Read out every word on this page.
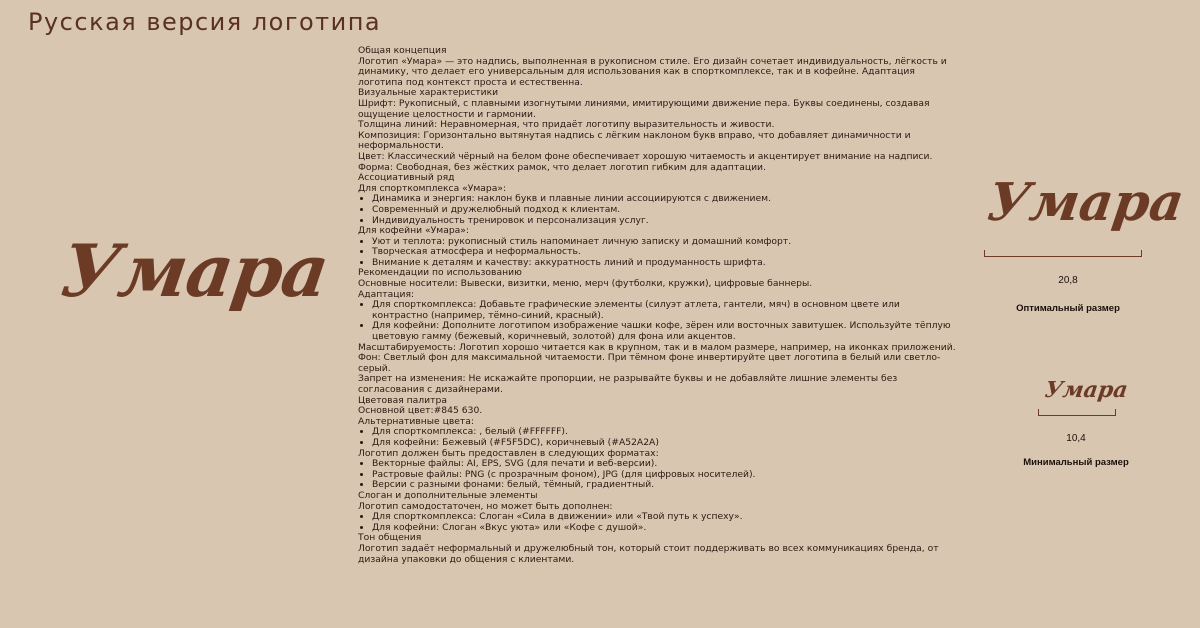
Русская версия логотипа
Умара

Общая концепция

Логотип «Умара» — это надпись, выполненная в рукописном стиле. Его дизайн сочетает индивидуальность, лёгкость и динамику, что делает его универсальным для использования как в спорткомплексе, так и в кофейне. Адаптация логотипа под контекст проста и естественна.

Визуальные характеристики

Шрифт: Рукописный, с плавными изогнутыми линиями, имитирующими движение пера. Буквы соединены, создавая ощущение целостности и гармонии.

Толщина линий: Неравномерная, что придаёт логотипу выразительность и живости.

Композиция: Горизонтально вытянутая надпись с лёгким наклоном букв вправо, что добавляет динамичности и неформальности.

Цвет: Классический чёрный на белом фоне обеспечивает хорошую читаемость и акцентирует внимание на надписи.

Форма: Свободная, без жёстких рамок, что делает логотип гибким для адаптации.

Ассоциативный ряд

Для спорткомплекса «Умара»:

• Динамика и энергия: наклон букв и плавные линии ассоциируются с движением.
• Современный и дружелюбный подход к клиентам.
• Индивидуальность тренировок и персонализация услуг.

Для кофейни «Умара»:

• Уют и теплота: рукописный стиль напоминает личную записку и домашний комфорт.
• Творческая атмосфера и неформальность.
• Внимание к деталям и качеству: аккуратность линий и продуманность шрифта.

Рекомендации по использованию

Основные носители: Вывески, визитки, меню, мерч (футболки, кружки), цифровые баннеры.

Адаптация:

• Для спорткомплекса: Добавьте графические элементы (силуэт атлета, гантели, мяч) в основном цвете или контрастно (например, тёмно-синий, красный).
• Для кофейни: Дополните логотипом изображение чашки кофе, зёрен или восточных завитушек. Используйте тёплую цветовую гамму (бежевый, коричневый, золотой) для фона или акцентов.

Масштабируемость: Логотип хорошо читается как в крупном, так и в малом размере, например, на иконках приложений.

Фон: Светлый фон для максимальной читаемости. При тёмном фоне инвертируйте цвет логотипа в белый или светло-серый.

Запрет на изменения: Не искажайте пропорции, не разрывайте буквы и не добавляйте лишние элементы без согласования с дизайнерами.

Цветовая палитра

Основной цвет:#845 630.

Альтернативные цвета:

• Для спорткомплекса: , белый (#FFFFFF).
• Для кофейни: Бежевый (#F5F5DC), коричневый (#A52A2A)

Логотип должен быть предоставлен в следующих форматах:

• Векторные файлы: AI, EPS, SVG (для печати и веб-версии).
• Растровые файлы: PNG (с прозрачным фоном), JPG (для цифровых носителей).
• Версии с разными фонами: белый, тёмный, градиентный.

Слоган и дополнительные элементы

Логотип самодостаточен, но может быть дополнен:

• Для спорткомплекса: Слоган «Сила в движении» или «Твой путь к успеху».
• Для кофейни: Слоган «Вкус уюта» или «Кофе с душой».

Тон общения

Логотип задаёт неформальный и дружелюбный тон, который стоит поддерживать во всех коммуникациях бренда, от дизайна упаковки до общения с клиентами.

Умара
20,8
Оптимальный размер
Умара
10,4
Минимальный размер
